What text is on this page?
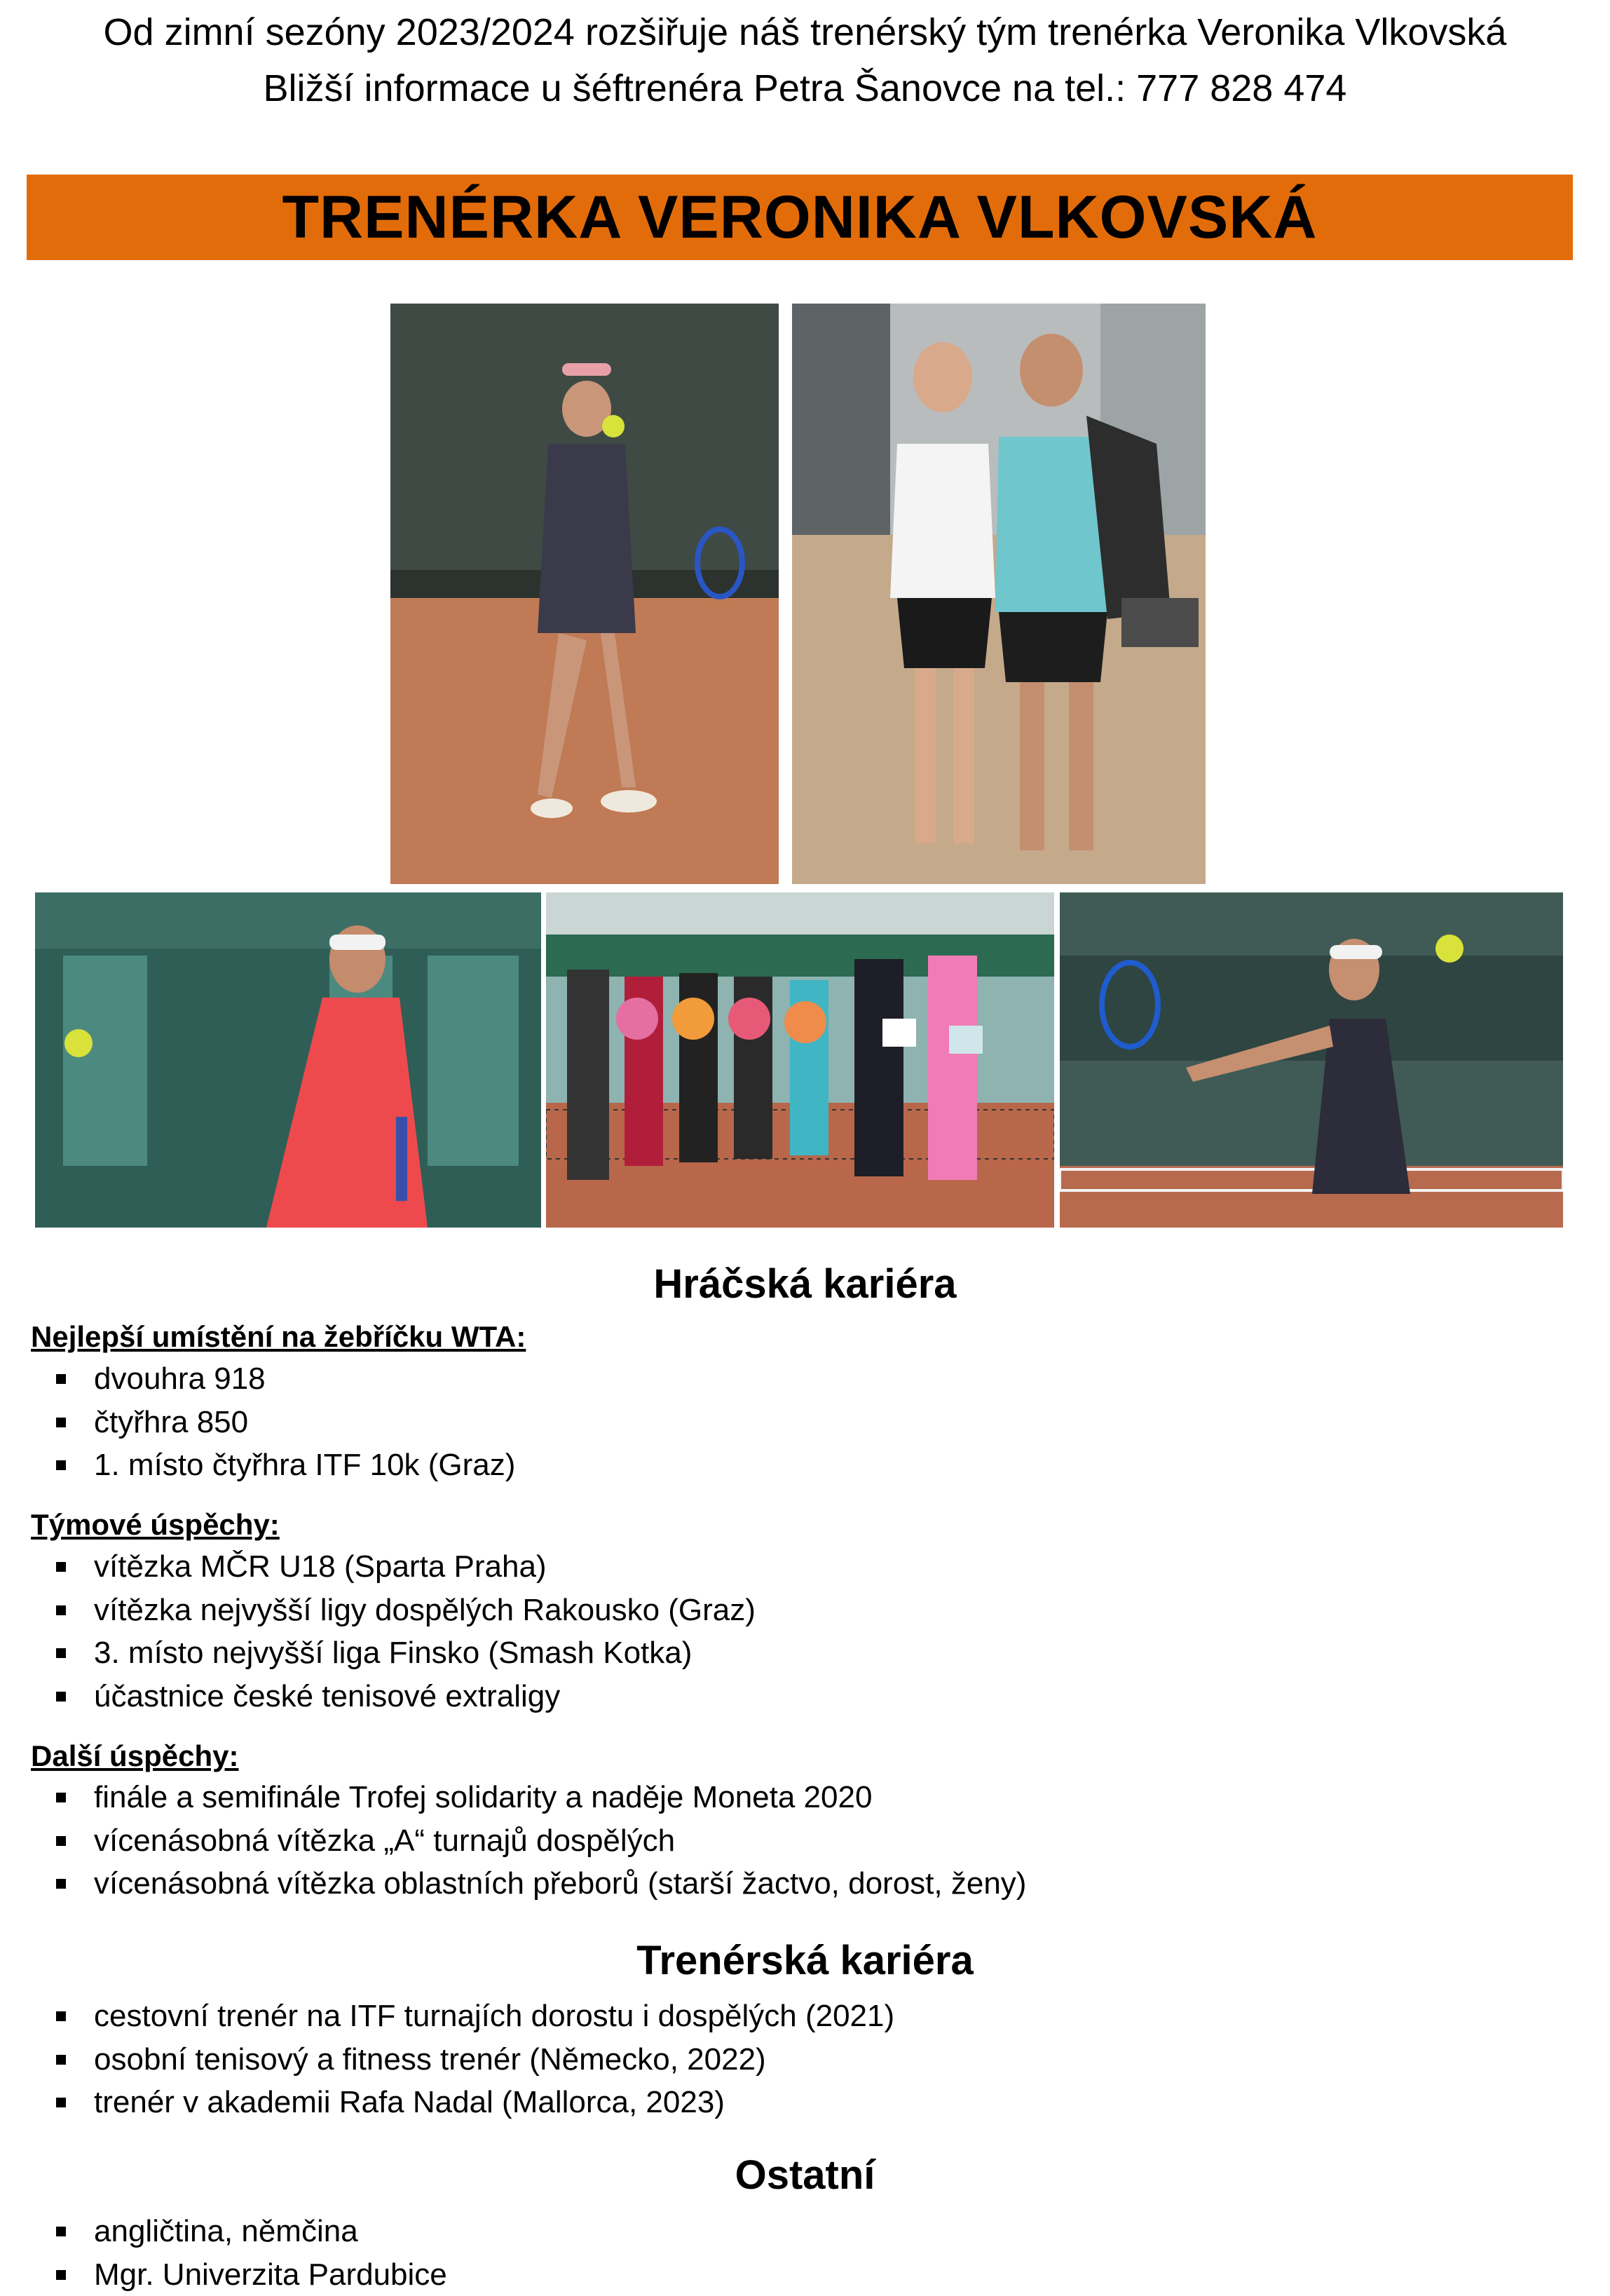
Od zimní sezóny 2023/2024 rozšiřuje náš trenérský tým trenérka Veronika Vlkovská
Bližší informace u šéftrenéra Petra Šanovce na tel.: 777 828 474
TRENÉRKA VERONIKA VLKOVSKÁ
Hráčská kariéra
Nejlepší umístění na žebříčku WTA:
dvouhra 918
čtyřhra 850
1. místo čtyřhra ITF 10k (Graz)
Týmové úspěchy:
vítězka MČR U18 (Sparta Praha)
vítězka nejvyšší ligy dospělých Rakousko (Graz)
3. místo nejvyšší liga Finsko (Smash Kotka)
účastnice české tenisové extraligy
Další úspěchy:
finále a semifinále Trofej solidarity a naděje Moneta 2020
vícenásobná vítězka „A“ turnajů dospělých
vícenásobná vítězka oblastních přeborů (starší žactvo, dorost, ženy)
Trenérská kariéra
cestovní trenér na ITF turnajích dorostu i dospělých (2021)
osobní tenisový a fitness trenér (Německo, 2022)
trenér v akademii Rafa Nadal (Mallorca, 2023)
Ostatní
angličtina, němčina
Mgr. Univerzita Pardubice
